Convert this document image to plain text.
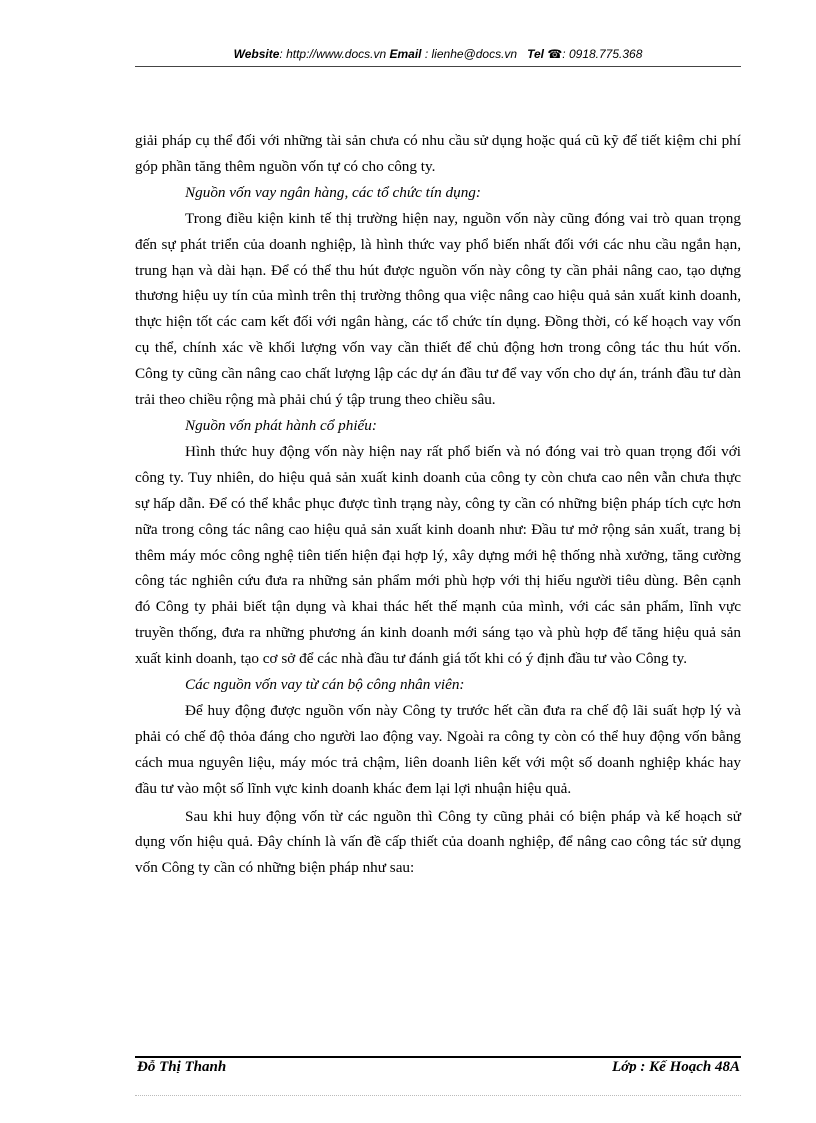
Website: http://www.docs.vn Email : lienhe@docs.vn Tel ☎: 0918.775.368

giải pháp cụ thể đối với những tài sản chưa có nhu cầu sử dụng hoặc quá cũ kỹ để tiết kiệm chi phí góp phần tăng thêm nguồn vốn tự có cho công ty.

Nguồn vốn vay ngân hàng, các tổ chức tín dụng:

Trong điều kiện kinh tế thị trường hiện nay, nguồn vốn này cũng đóng vai trò quan trọng đến sự phát triển của doanh nghiệp, là hình thức vay phổ biến nhất đối với các nhu cầu ngắn hạn, trung hạn và dài hạn. Để có thể thu hút được nguồn vốn này công ty cần phải nâng cao, tạo dựng thương hiệu uy tín của mình trên thị trường thông qua việc nâng cao hiệu quả sản xuất kinh doanh, thực hiện tốt các cam kết đối với ngân hàng, các tổ chức tín dụng. Đồng thời, có kế hoạch vay vốn cụ thể, chính xác về khối lượng vốn vay cần thiết để chủ động hơn trong công tác thu hút vốn. Công ty cũng cần nâng cao chất lượng lập các dự án đầu tư để vay vốn cho dự án, tránh đầu tư dàn trải theo chiều rộng mà phải chú ý tập trung theo chiều sâu.

Nguồn vốn phát hành cổ phiếu:

Hình thức huy động vốn này hiện nay rất phổ biến và nó đóng vai trò quan trọng đối với công ty. Tuy nhiên, do hiệu quả sản xuất kinh doanh của công ty còn chưa cao nên vẫn chưa thực sự hấp dẫn. Để có thể khắc phục được tình trạng này, công ty cần có những biện pháp tích cực hơn nữa trong công tác nâng cao hiệu quả sản xuất kinh doanh như: Đầu tư mở rộng sản xuất, trang bị thêm máy móc công nghệ tiên tiến hiện đại hợp lý, xây dựng mới hệ thống nhà xưởng, tăng cường công tác nghiên cứu đưa ra những sản phẩm mới phù hợp với thị hiếu người tiêu dùng. Bên cạnh đó Công ty phải biết tận dụng và khai thác hết thế mạnh của mình, với các sản phẩm, lĩnh vực truyền thống, đưa ra những phương án kinh doanh mới sáng tạo và phù hợp để tăng hiệu quả sản xuất kinh doanh, tạo cơ sở để các nhà đầu tư đánh giá tốt khi có ý định đầu tư vào Công ty.

Các nguồn vốn vay từ cán bộ công nhân viên:

Để huy động được nguồn vốn này Công ty trước hết cần đưa ra chế độ lãi suất hợp lý và phải có chế độ thỏa đáng cho người lao động vay. Ngoài ra công ty còn có thể huy động vốn bằng cách mua nguyên liệu, máy móc trả chậm, liên doanh liên kết với một số doanh nghiệp khác hay đầu tư vào một số lĩnh vực kinh doanh khác đem lại lợi nhuận hiệu quả.

Sau khi huy động vốn từ các nguồn thì Công ty cũng phải có biện pháp và kế hoạch sử dụng vốn hiệu quả. Đây chính là vấn đề cấp thiết của doanh nghiệp, để nâng cao công tác sử dụng vốn Công ty cần có những biện pháp như sau:

Đỗ Thị Thanh	Lớp : Kế Hoạch 48A
